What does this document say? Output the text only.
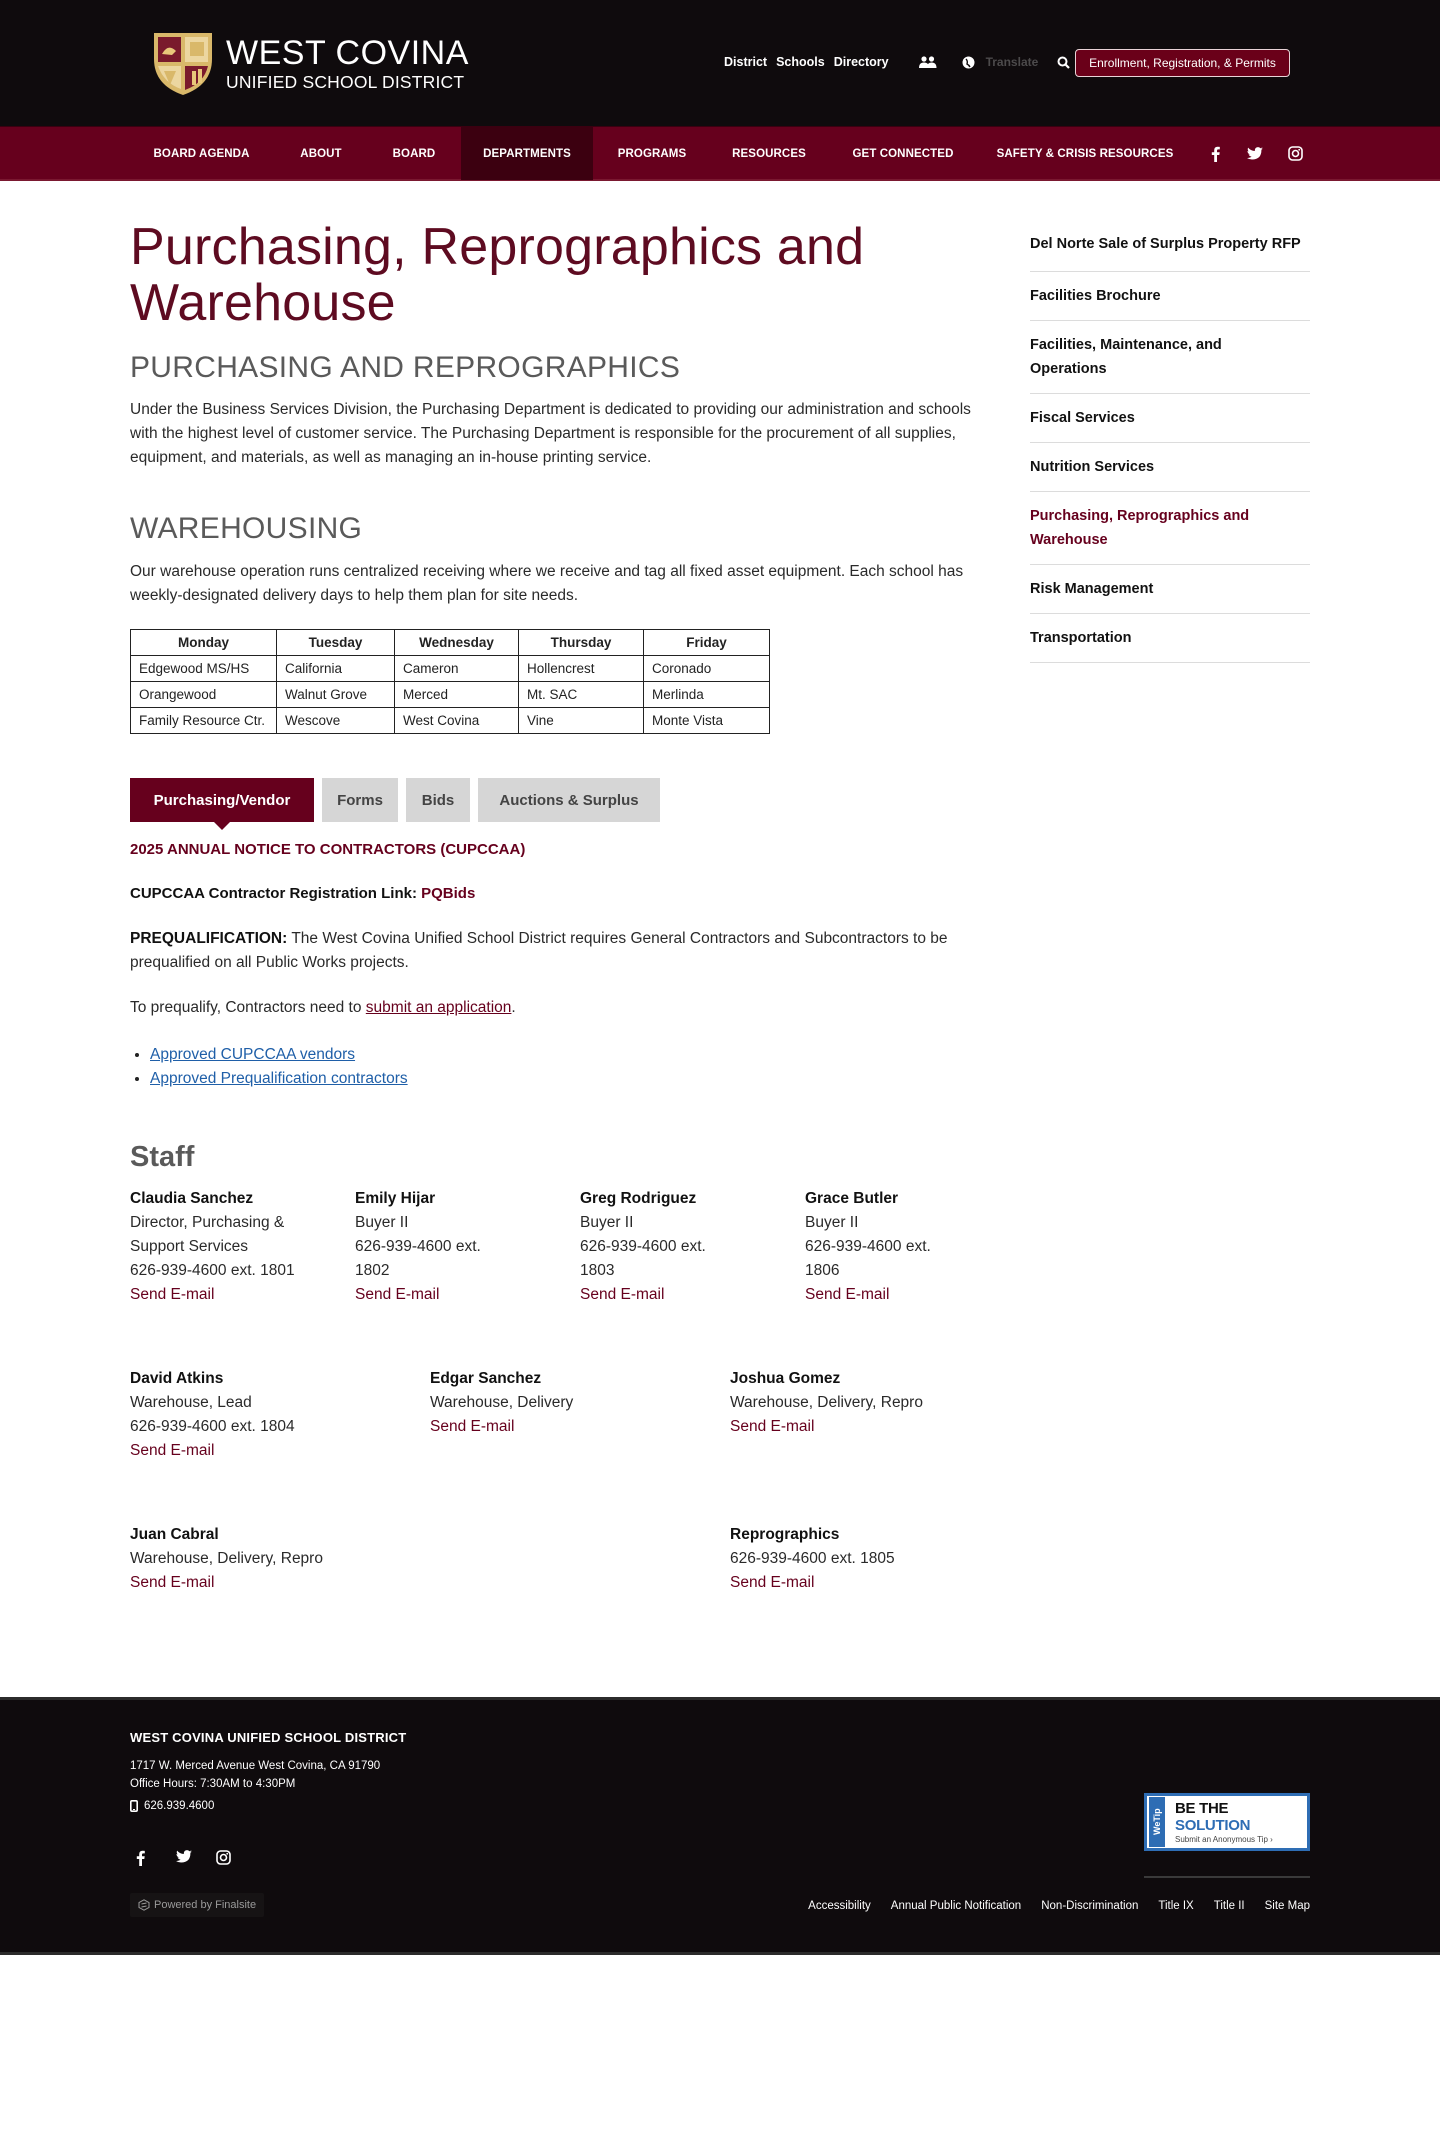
WEST COVINA
UNIFIED SCHOOL DISTRICT
District Schools Directory	Translate	Enrollment, Registration, & Permits
BOARD AGENDA	ABOUT	BOARD	DEPARTMENTS	PROGRAMS	RESOURCES	GET CONNECTED	SAFETY & CRISIS RESOURCES
Purchasing, Reprographics and Warehouse
PURCHASING AND REPROGRAPHICS

Under the Business Services Division, the Purchasing Department is dedicated to providing our administration and schools with the highest level of customer service. The Purchasing Department is responsible for the procurement of all supplies, equipment, and materials, as well as managing an in-house printing service.

WAREHOUSING

Our warehouse operation runs centralized receiving where we receive and tag all fixed asset equipment. Each school has weekly-designated delivery days to help them plan for site needs.

Monday	Tuesday	Wednesday	Thursday	Friday
Edgewood MS/HS	California	Cameron	Hollencrest	Coronado
Orangewood	Walnut Grove	Merced	Mt. SAC	Merlinda
Family Resource Ctr.	Wescove	West Covina	Vine	Monte Vista
Purchasing/Vendor	Forms	Bids	Auctions & Surplus
2025 ANNUAL NOTICE TO CONTRACTORS (CUPCCAA)
CUPCCAA Contractor Registration Link: PQBids

PREQUALIFICATION: The West Covina Unified School District requires General Contractors and Subcontractors to be prequalified on all Public Works projects.

To prequalify, Contractors need to submit an application.

• Approved CUPCCAA vendors
• Approved Prequalification contractors
Staff
Claudia Sanchez
Director, Purchasing & Support Services
626-939-4600 ext. 1801
Send E-mail
Emily Hijar
Buyer II
626-939-4600 ext. 1802
Send E-mail
Greg Rodriguez
Buyer II
626-939-4600 ext. 1803
Send E-mail
Grace Butler
Buyer II
626-939-4600 ext. 1806
Send E-mail
David Atkins
Warehouse, Lead
626-939-4600 ext. 1804
Send E-mail
Edgar Sanchez
Warehouse, Delivery
Send E-mail
Joshua Gomez
Warehouse, Delivery, Repro
Send E-mail
Juan Cabral
Warehouse, Delivery, Repro
Send E-mail
Reprographics
626-939-4600 ext. 1805
Send E-mail
Del Norte Sale of Surplus Property RFP
Facilities Brochure
Facilities, Maintenance, and Operations
Fiscal Services
Nutrition Services
Purchasing, Reprographics and Warehouse
Risk Management
Transportation
WEST COVINA UNIFIED SCHOOL DISTRICT
1717 W. Merced Avenue West Covina, CA 91790
Office Hours: 7:30AM to 4:30PM
626.939.4600
Powered by Finalsite
WeTip
BE THE SOLUTION
Submit an Anonymous Tip ›
Accessibility Annual Public Notification Non-Discrimination Title IX Title II Site Map
